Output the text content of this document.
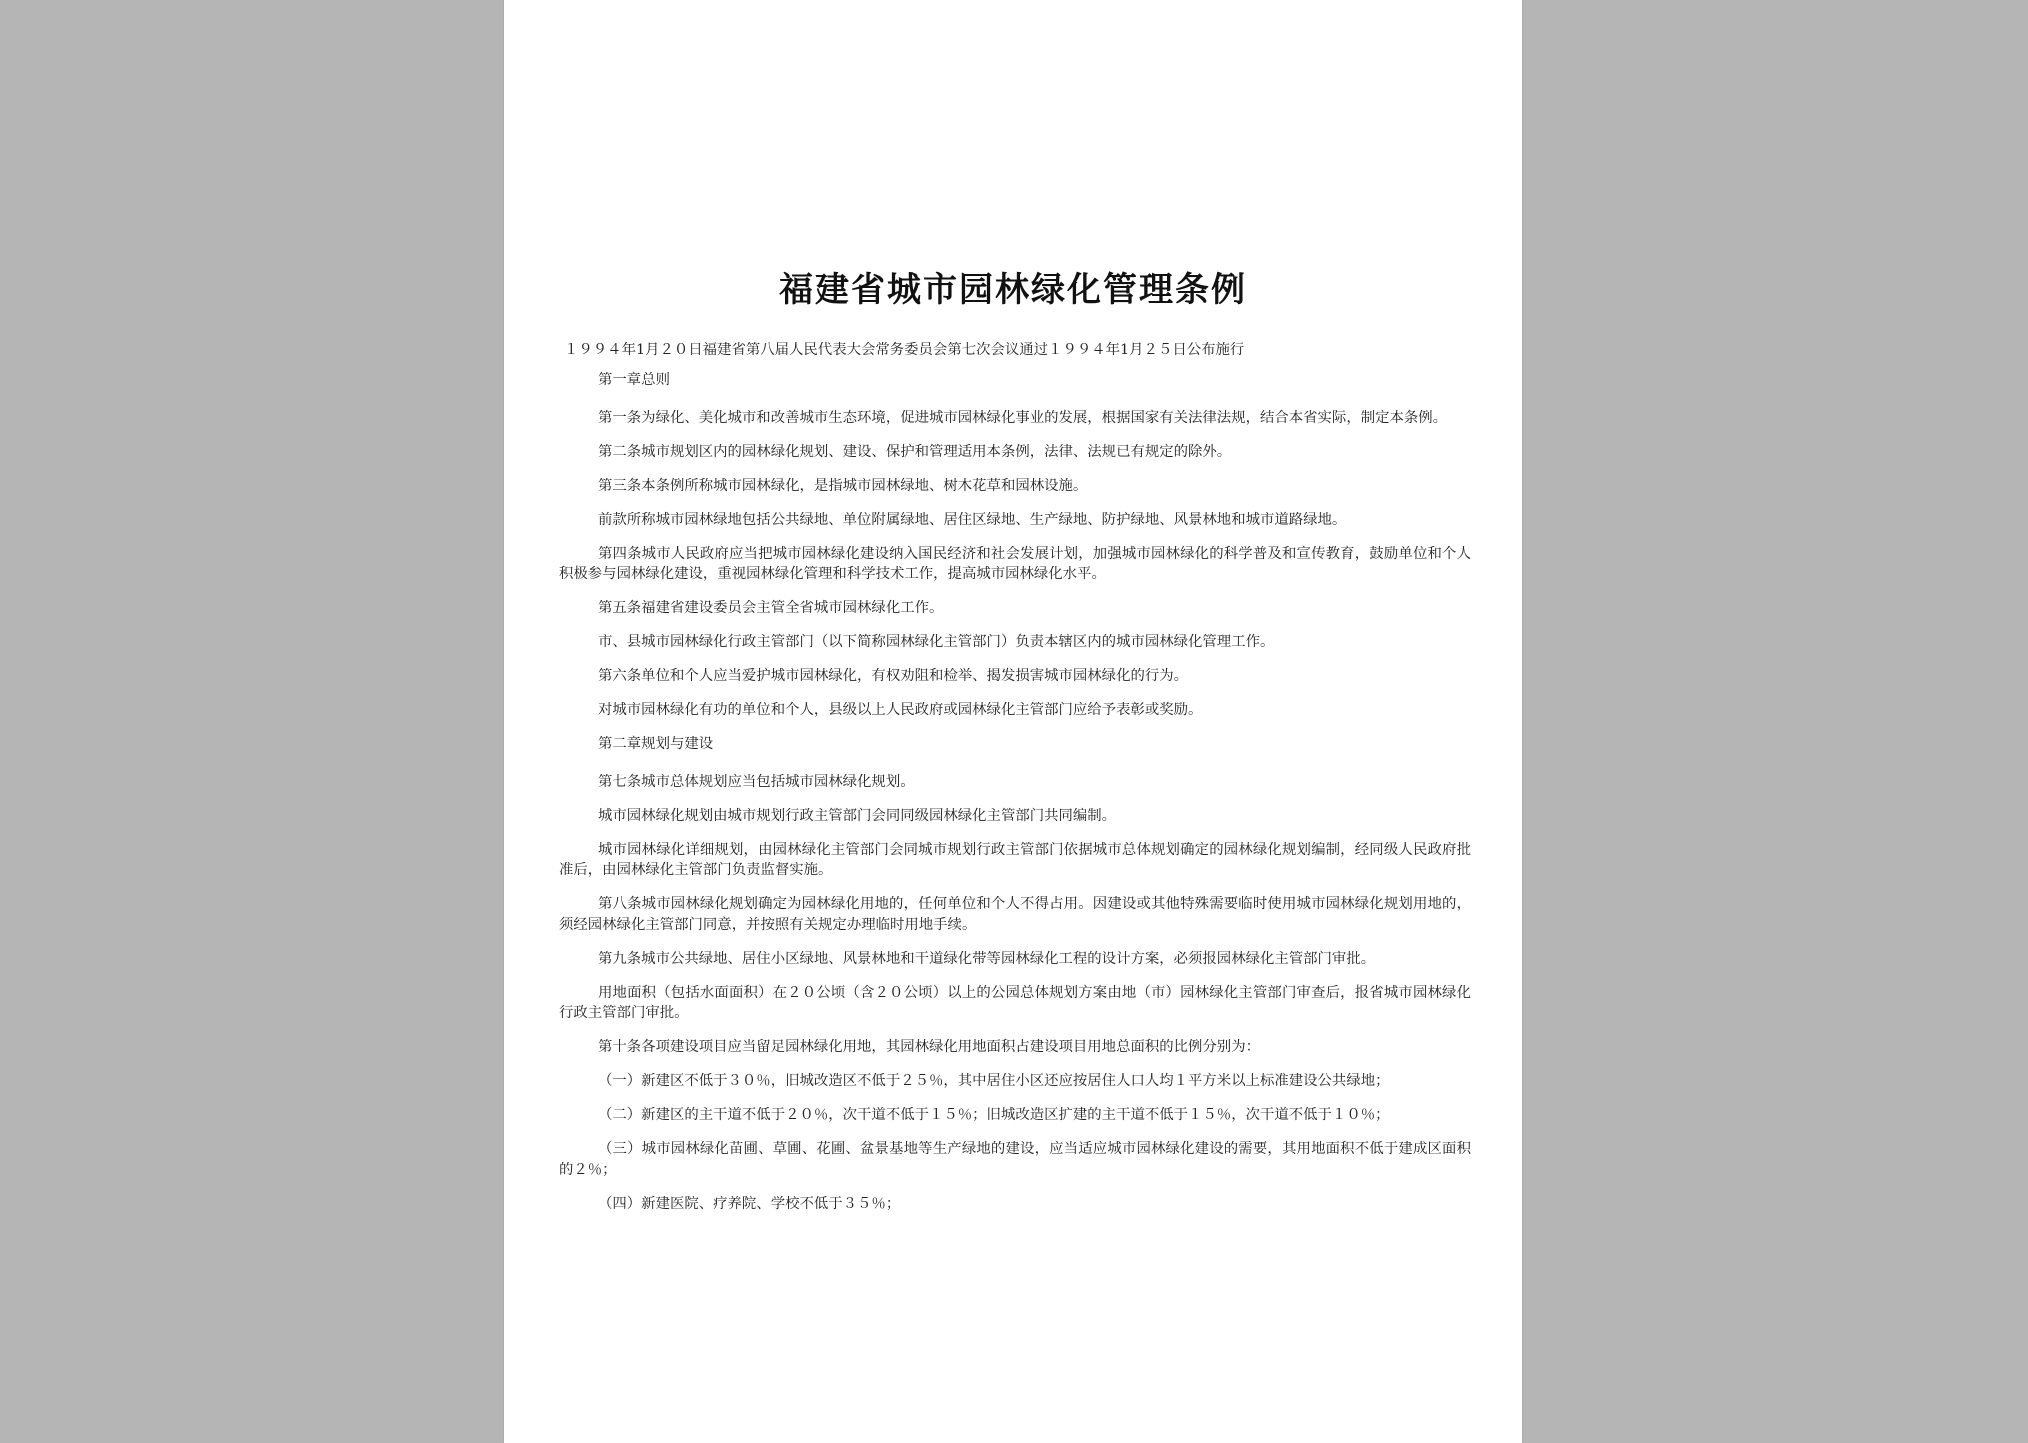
福建省城市园林绿化管理条例

１９９４年1月２０日福建省第八届人民代表大会常务委员会第七次会议通过１９９４年1月２５日公布施行

第一章总则

第一条为绿化、美化城市和改善城市生态环境，促进城市园林绿化事业的发展，根据国家有关法律法规，结合本省实际，制定本条例。

第二条城市规划区内的园林绿化规划、建设、保护和管理适用本条例，法律、法规已有规定的除外。

第三条本条例所称城市园林绿化，是指城市园林绿地、树木花草和园林设施。

前款所称城市园林绿地包括公共绿地、单位附属绿地、居住区绿地、生产绿地、防护绿地、风景林地和城市道路绿地。

第四条城市人民政府应当把城市园林绿化建设纳入国民经济和社会发展计划，加强城市园林绿化的科学普及和宣传教育，鼓励单位和个人积极参与园林绿化建设，重视园林绿化管理和科学技术工作，提高城市园林绿化水平。

第五条福建省建设委员会主管全省城市园林绿化工作。

市、县城市园林绿化行政主管部门（以下简称园林绿化主管部门）负责本辖区内的城市园林绿化管理工作。

第六条单位和个人应当爱护城市园林绿化，有权劝阻和检举、揭发损害城市园林绿化的行为。

对城市园林绿化有功的单位和个人，县级以上人民政府或园林绿化主管部门应给予表彰或奖励。

第二章规划与建设

第七条城市总体规划应当包括城市园林绿化规划。

城市园林绿化规划由城市规划行政主管部门会同同级园林绿化主管部门共同编制。

城市园林绿化详细规划，由园林绿化主管部门会同城市规划行政主管部门依据城市总体规划确定的园林绿化规划编制，经同级人民政府批准后，由园林绿化主管部门负责监督实施。

第八条城市园林绿化规划确定为园林绿化用地的，任何单位和个人不得占用。因建设或其他特殊需要临时使用城市园林绿化规划用地的，须经园林绿化主管部门同意，并按照有关规定办理临时用地手续。

第九条城市公共绿地、居住小区绿地、风景林地和干道绿化带等园林绿化工程的设计方案，必须报园林绿化主管部门审批。

用地面积（包括水面面积）在２０公顷（含２０公顷）以上的公园总体规划方案由地（市）园林绿化主管部门审查后，报省城市园林绿化行政主管部门审批。

第十条各项建设项目应当留足园林绿化用地，其园林绿化用地面积占建设项目用地总面积的比例分别为：

（一）新建区不低于３０％，旧城改造区不低于２５％，其中居住小区还应按居住人口人均１平方米以上标准建设公共绿地；

（二）新建区的主干道不低于２０％，次干道不低于１５％；旧城改造区扩建的主干道不低于１５％，次干道不低于１０％；

（三）城市园林绿化苗圃、草圃、花圃、盆景基地等生产绿地的建设，应当适应城市园林绿化建设的需要，其用地面积不低于建成区面积的２％；

（四）新建医院、疗养院、学校不低于３５％；
